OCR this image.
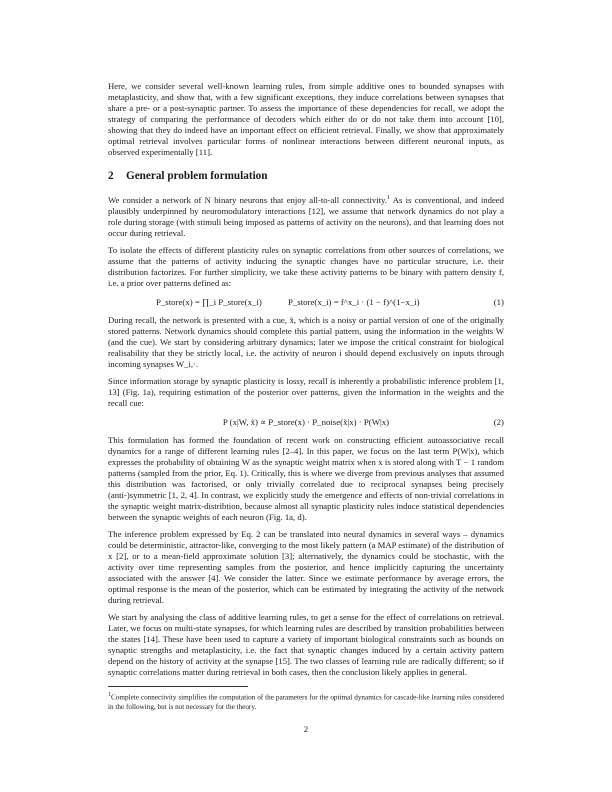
Here, we consider several well-known learning rules, from simple additive ones to bounded synapses with metaplasticity, and show that, with a few significant exceptions, they induce correlations between synapses that share a pre- or a post-synaptic partner. To assess the importance of these dependencies for recall, we adopt the strategy of comparing the performance of decoders which either do or do not take them into account [10], showing that they do indeed have an important effect on efficient retrieval. Finally, we show that approximately optimal retrieval involves particular forms of nonlinear interactions between different neuronal inputs, as observed experimentally [11].

2 General problem formulation

We consider a network of N binary neurons that enjoy all-to-all connectivity.$^1$ As is conventional, and indeed plausibly underpinned by neuromodulatory interactions [12], we assume that network dynamics do not play a role during storage (with stimuli being imposed as patterns of activity on the neurons), and that learning does not occur during retrieval.

To isolate the effects of different plasticity rules on synaptic correlations from other sources of correlations, we assume that the patterns of activity inducing the synaptic changes have no particular structure, i.e. their distribution factorizes. For further simplicity, we take these activity patterns to be binary with pattern density f, i.e. a prior over patterns defined as:

P_store(x) = ∏_i P_store(x_i)	P_store(x_i) = f^x_i · (1 − f)^(1−x_i)	(1)

During recall, the network is presented with a cue, x̃, which is a noisy or partial version of one of the originally stored patterns. Network dynamics should complete this partial pattern, using the information in the weights W (and the cue). We start by considering arbitrary dynamics; later we impose the critical constraint for biological realisability that they be strictly local, i.e. the activity of neuron i should depend exclusively on inputs through incoming synapses W_i,·.

Since information storage by synaptic plasticity is lossy, recall is inherently a probabilistic inference problem [1, 13] (Fig. 1a), requiring estimation of the posterior over patterns, given the information in the weights and the recall cue:

P (x|W, x̃) ∝ P_store(x) · P_noise(x̃|x) · P(W|x)	(2)

This formulation has formed the foundation of recent work on constructing efficient autoassociative recall dynamics for a range of different learning rules [2–4]. In this paper, we focus on the last term P(W|x), which expresses the probability of obtaining W as the synaptic weight matrix when x is stored along with T − 1 random patterns (sampled from the prior, Eq. 1). Critically, this is where we diverge from previous analyses that assumed this distribution was factorised, or only trivially correlated due to reciprocal synapses being precisely (anti-)symmetric [1, 2, 4]. In contrast, we explicitly study the emergence and effects of non-trivial correlations in the synaptic weight matrix-distribtion, because almost all synaptic plasticity rules induce statistical dependencies between the synaptic weights of each neuron (Fig. 1a, d).

The inference problem expressed by Eq. 2 can be translated into neural dynamics in several ways – dynamics could be deterministic, attractor-like, converging to the most likely pattern (a MAP estimate) of the distribution of x [2], or to a mean-field approximate solution [3]; alternatively, the dynamics could be stochastic, with the activity over time representing samples from the posterior, and hence implicitly capturing the uncertainty associated with the answer [4]. We consider the latter. Since we estimate performance by average errors, the optimal response is the mean of the posterior, which can be estimated by integrating the activity of the network during retrieval.

We start by analysing the class of additive learning rules, to get a sense for the effect of correlations on retrieval. Later, we focus on multi-state synapses, for which learning rules are described by transition probabilities between the states [14]. These have been used to capture a variety of important biological constraints such as bounds on synaptic strengths and metaplasticity, i.e. the fact that synaptic changes induced by a certain activity pattern depend on the history of activity at the synapse [15]. The two classes of learning rule are radically different; so if synaptic correlations matter during retrieval in both cases, then the conclusion likely applies in general.

$^1$Complete connectivity simplifies the computation of the parameters for the optimal dynamics for cascade-like learning rules considered in the following, but is not necessary for the theory.

2
